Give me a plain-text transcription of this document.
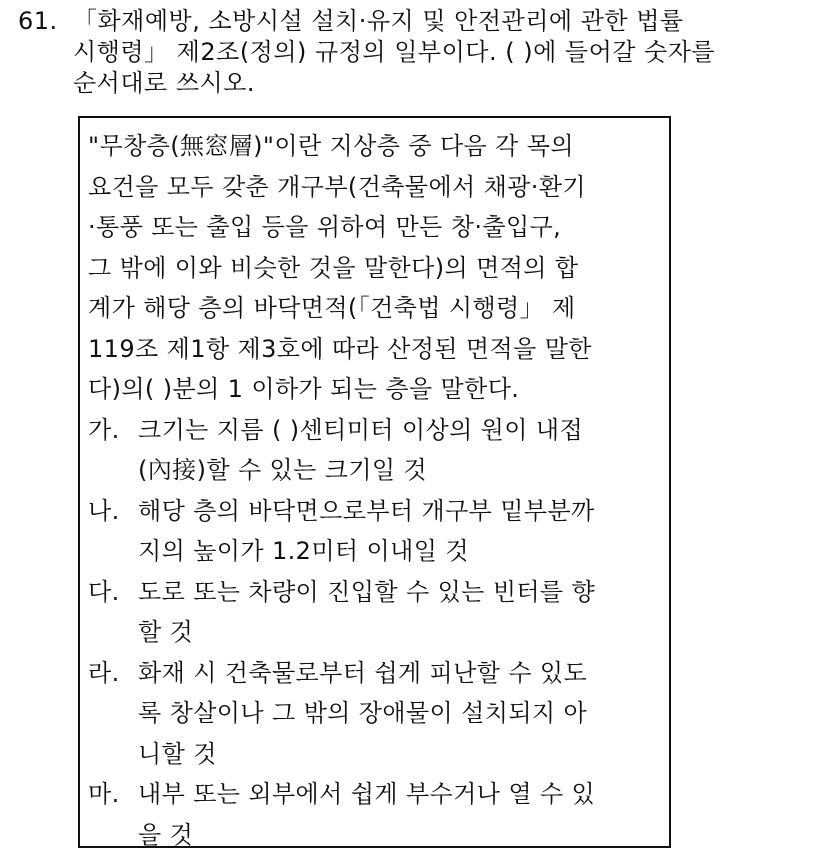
61. 「화재예방, 소방시설 설치·유지 및 안전관리에 관한 법률
시행령」 제2조(정의) 규정의 일부이다. ( )에 들어갈 숫자를
순서대로 쓰시오.
"무창층(無窓層)"이란 지상층 중 다음 각 목의
요건을 모두 갖춘 개구부(건축물에서 채광·환기
·통풍 또는 출입 등을 위하여 만든 창·출입구,
그 밖에 이와 비슷한 것을 말한다)의 면적의 합
계가 해당 층의 바닥면적(「건축법 시행령」 제
119조 제1항 제3호에 따라 산정된 면적을 말한
다)의( )분의 1 이하가 되는 층을 말한다.
가. 크기는 지름 ( )센티미터 이상의 원이 내접
(內接)할 수 있는 크기일 것
나. 해당 층의 바닥면으로부터 개구부 밑부분까
지의 높이가 1.2미터 이내일 것
다. 도로 또는 차량이 진입할 수 있는 빈터를 향
할 것
라. 화재 시 건축물로부터 쉽게 피난할 수 있도
록 창살이나 그 밖의 장애물이 설치되지 아
니할 것
마. 내부 또는 외부에서 쉽게 부수거나 열 수 있
을 것
